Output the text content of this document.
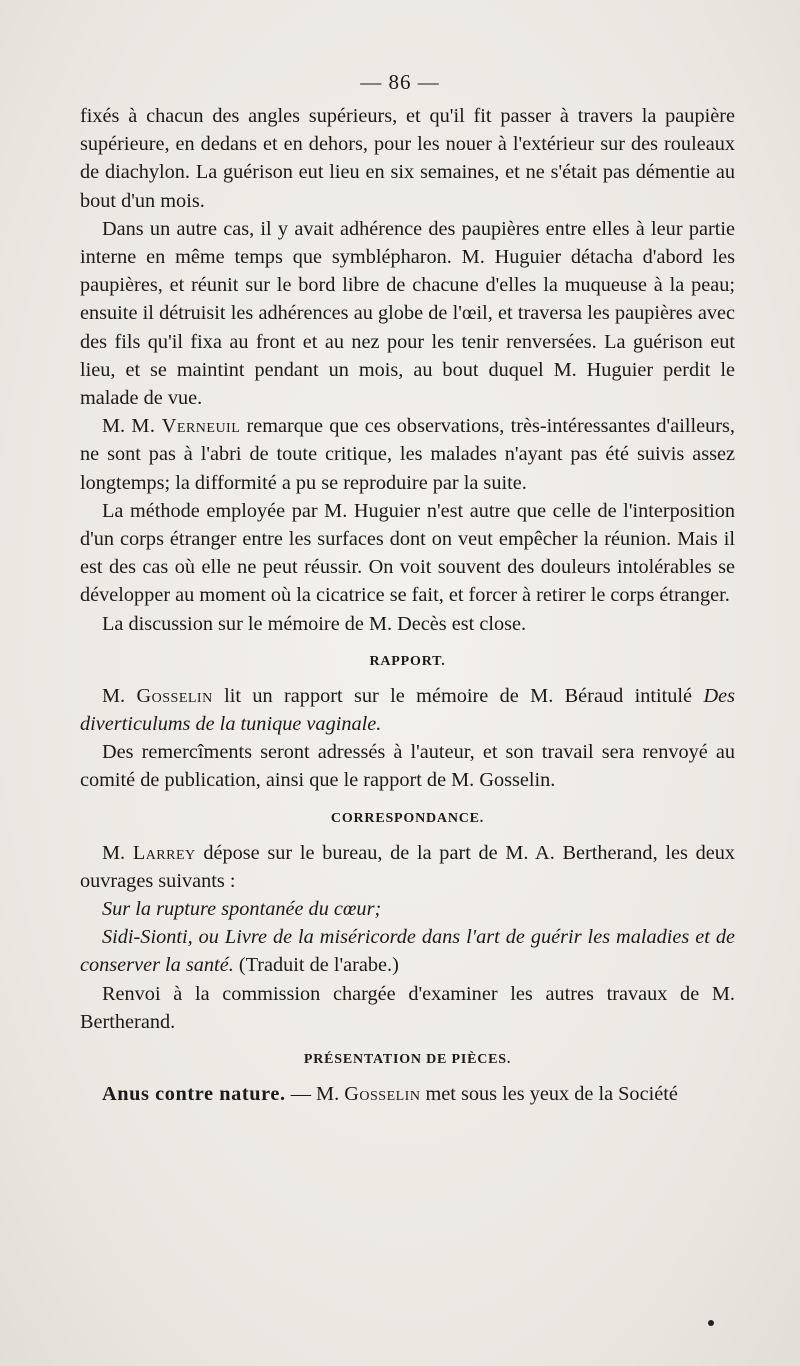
— 86 —

fixés à chacun des angles supérieurs, et qu'il fit passer à travers la paupière supérieure, en dedans et en dehors, pour les nouer à l'extérieur sur des rouleaux de diachylon. La guérison eut lieu en six semaines, et ne s'était pas démentie au bout d'un mois.

Dans un autre cas, il y avait adhérence des paupières entre elles à leur partie interne en même temps que symblépharon. M. Huguier détacha d'abord les paupières, et réunit sur le bord libre de chacune d'elles la muqueuse à la peau; ensuite il détruisit les adhérences au globe de l'œil, et traversa les paupières avec des fils qu'il fixa au front et au nez pour les tenir renversées. La guérison eut lieu, et se maintint pendant un mois, au bout duquel M. Huguier perdit le malade de vue.

M. M. Verneuil remarque que ces observations, très-intéressantes d'ailleurs, ne sont pas à l'abri de toute critique, les malades n'ayant pas été suivis assez longtemps; la difformité a pu se reproduire par la suite.

La méthode employée par M. Huguier n'est autre que celle de l'interposition d'un corps étranger entre les surfaces dont on veut empêcher la réunion. Mais il est des cas où elle ne peut réussir. On voit souvent des douleurs intolérables se développer au moment où la cicatrice se fait, et forcer à retirer le corps étranger.

La discussion sur le mémoire de M. Decès est close.

RAPPORT.

M. Gosselin lit un rapport sur le mémoire de M. Béraud intitulé Des diverticulums de la tunique vaginale.

Des remercîments seront adressés à l'auteur, et son travail sera renvoyé au comité de publication, ainsi que le rapport de M. Gosselin.

CORRESPONDANCE.

M. Larrey dépose sur le bureau, de la part de M. A. Bertherand, les deux ouvrages suivants :

Sur la rupture spontanée du cœur;

Sidi-Sionti, ou Livre de la miséricorde dans l'art de guérir les maladies et de conserver la santé. (Traduit de l'arabe.)

Renvoi à la commission chargée d'examiner les autres travaux de M. Bertherand.

PRÉSENTATION DE PIÈCES.

Anus contre nature. — M. Gosselin met sous les yeux de la Société
